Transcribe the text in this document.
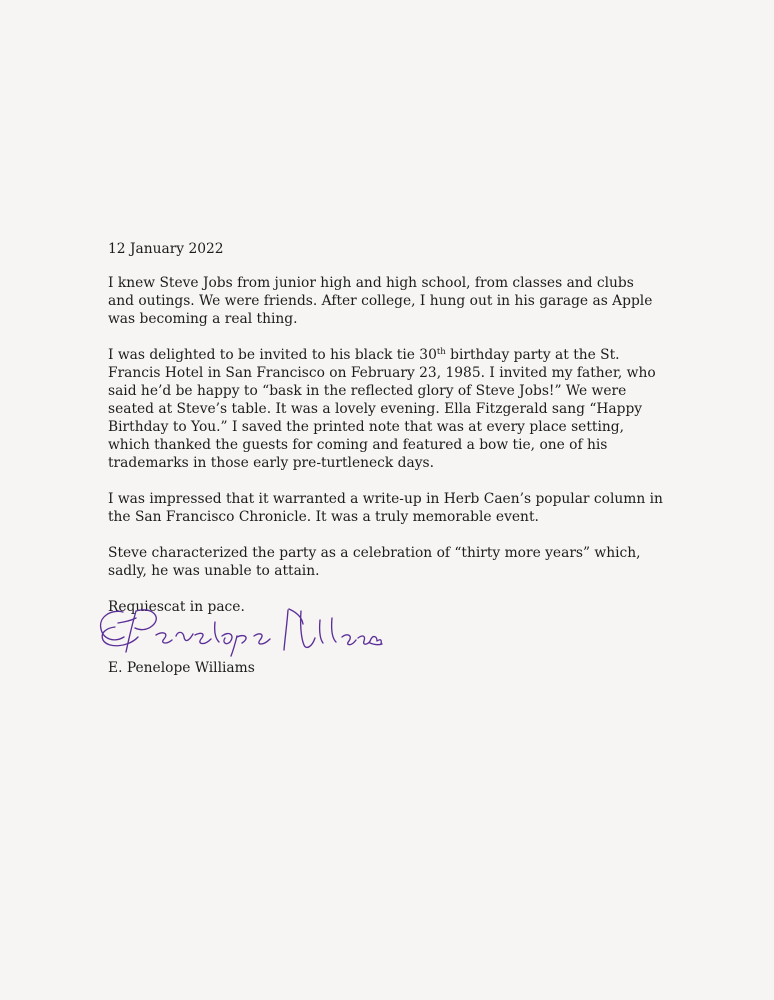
12 January 2022
I knew Steve Jobs from junior high and high school, from classes and clubs
and outings. We were friends. After college, I hung out in his garage as Apple
was becoming a real thing.
I was delighted to be invited to his black tie 30th birthday party at the St.
Francis Hotel in San Francisco on February 23, 1985. I invited my father, who
said he’d be happy to “bask in the reflected glory of Steve Jobs!” We were
seated at Steve’s table. It was a lovely evening. Ella Fitzgerald sang “Happy
Birthday to You.” I saved the printed note that was at every place setting,
which thanked the guests for coming and featured a bow tie, one of his
trademarks in those early pre-turtleneck days.
I was impressed that it warranted a write-up in Herb Caen’s popular column in
the San Francisco Chronicle. It was a truly memorable event.
Steve characterized the party as a celebration of “thirty more years” which,
sadly, he was unable to attain.
Requiescat in pace.
E. Penelope Williams
